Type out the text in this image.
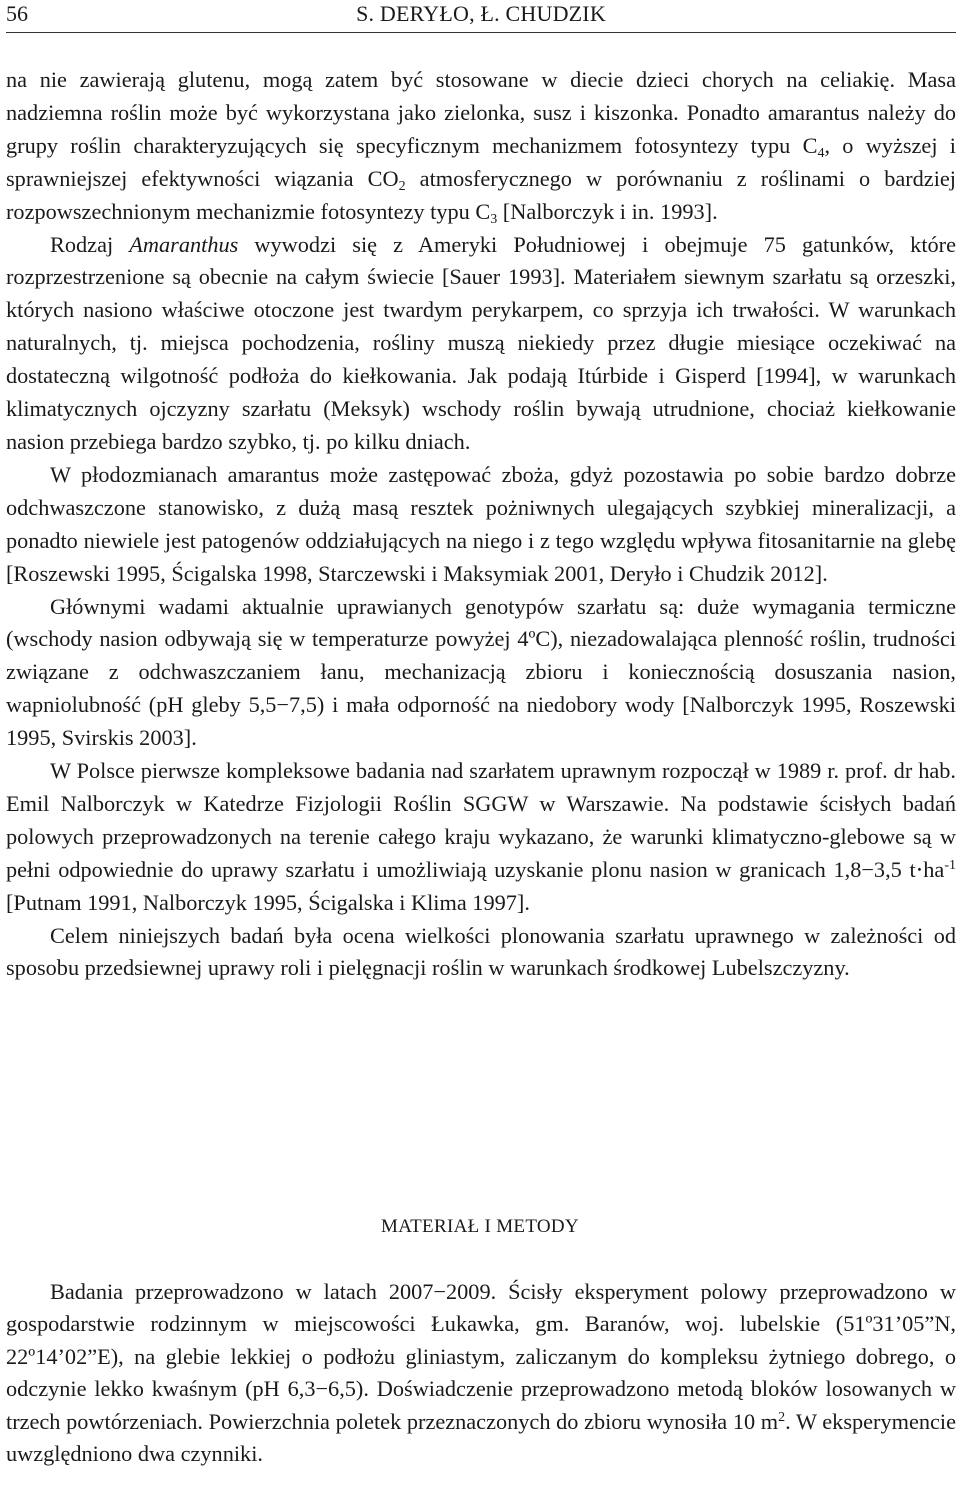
56	S. DERYŁO, Ł. CHUDZIK

na nie zawierają glutenu, mogą zatem być stosowane w diecie dzieci chorych na celiakię. Masa nadziemna roślin może być wykorzystana jako zielonka, susz i kiszonka. Ponadto amarantus należy do grupy roślin charakteryzujących się specyficznym mechanizmem fotosyntezy typu $C_4$, o wyższej i sprawniejszej efektywności wiązania $CO_2$ atmosferycznego w porównaniu z roślinami o bardziej rozpowszechnionym mechanizmie fotosyntezy typu $C_3$ [Nalborczyk i in. 1993].

Rodzaj Amaranthus wywodzi się z Ameryki Południowej i obejmuje 75 gatunków, które rozprzestrzenione są obecnie na całym świecie [Sauer 1993]. Materiałem siewnym szarłatu są orzeszki, których nasiono właściwe otoczone jest twardym perykarpem, co sprzyja ich trwałości. W warunkach naturalnych, tj. miejsca pochodzenia, rośliny muszą niekiedy przez długie miesiące oczekiwać na dostateczną wilgotność podłoża do kiełkowania. Jak podają Itúrbide i Gisperd [1994], w warunkach klimatycznych ojczyzny szarłatu (Meksyk) wschody roślin bywają utrudnione, chociaż kiełkowanie nasion przebiega bardzo szybko, tj. po kilku dniach.

W płodozmianach amarantus może zastępować zboża, gdyż pozostawia po sobie bardzo dobrze odchwaszczone stanowisko, z dużą masą resztek pożniwnych ulegających szybkiej mineralizacji, a ponadto niewiele jest patogenów oddziałujących na niego i z tego względu wpływa fitosanitarnie na glebę [Roszewski 1995, Ścigalska 1998, Starczewski i Maksymiak 2001, Deryło i Chudzik 2012].

Głównymi wadami aktualnie uprawianych genotypów szarłatu są: duże wymagania termiczne (wschody nasion odbywają się w temperaturze powyżej 4ºC), niezadowalająca plenność roślin, trudności związane z odchwaszczaniem łanu, mechanizacją zbioru i koniecznością dosuszania nasion, wapniolubność (pH gleby 5,5−7,5) i mała odporność na niedobory wody [Nalborczyk 1995, Roszewski 1995, Svirskis 2003].

W Polsce pierwsze kompleksowe badania nad szarłatem uprawnym rozpoczął w 1989 r. prof. dr hab. Emil Nalborczyk w Katedrze Fizjologii Roślin SGGW w Warszawie. Na podstawie ścisłych badań polowych przeprowadzonych na terenie całego kraju wykazano, że warunki klimatyczno-glebowe są w pełni odpowiednie do uprawy szarłatu i umożliwiają uzyskanie plonu nasion w granicach 1,8−3,5 $t\cdot ha^{-1}$ [Putnam 1991, Nalborczyk 1995, Ścigalska i Klima 1997].

Celem niniejszych badań była ocena wielkości plonowania szarłatu uprawnego w zależności od sposobu przedsiewnej uprawy roli i pielęgnacji roślin w warunkach środkowej Lubelszczyzny.

MATERIAŁ I METODY

Badania przeprowadzono w latach 2007−2009. Ścisły eksperyment polowy przeprowadzono w gospodarstwie rodzinnym w miejscowości Łukawka, gm. Baranów, woj. lubelskie (51º31’05”N, 22º14’02”E), na glebie lekkiej o podłożu gliniastym, zaliczanym do kompleksu żytniego dobrego, o odczynie lekko kwaśnym (pH 6,3−6,5). Doświadczenie przeprowadzono metodą bloków losowanych w trzech powtórzeniach. Powierzchnia poletek przeznaczonych do zbioru wynosiła 10 $m^2$. W eksperymencie uwzględniono dwa czynniki.
